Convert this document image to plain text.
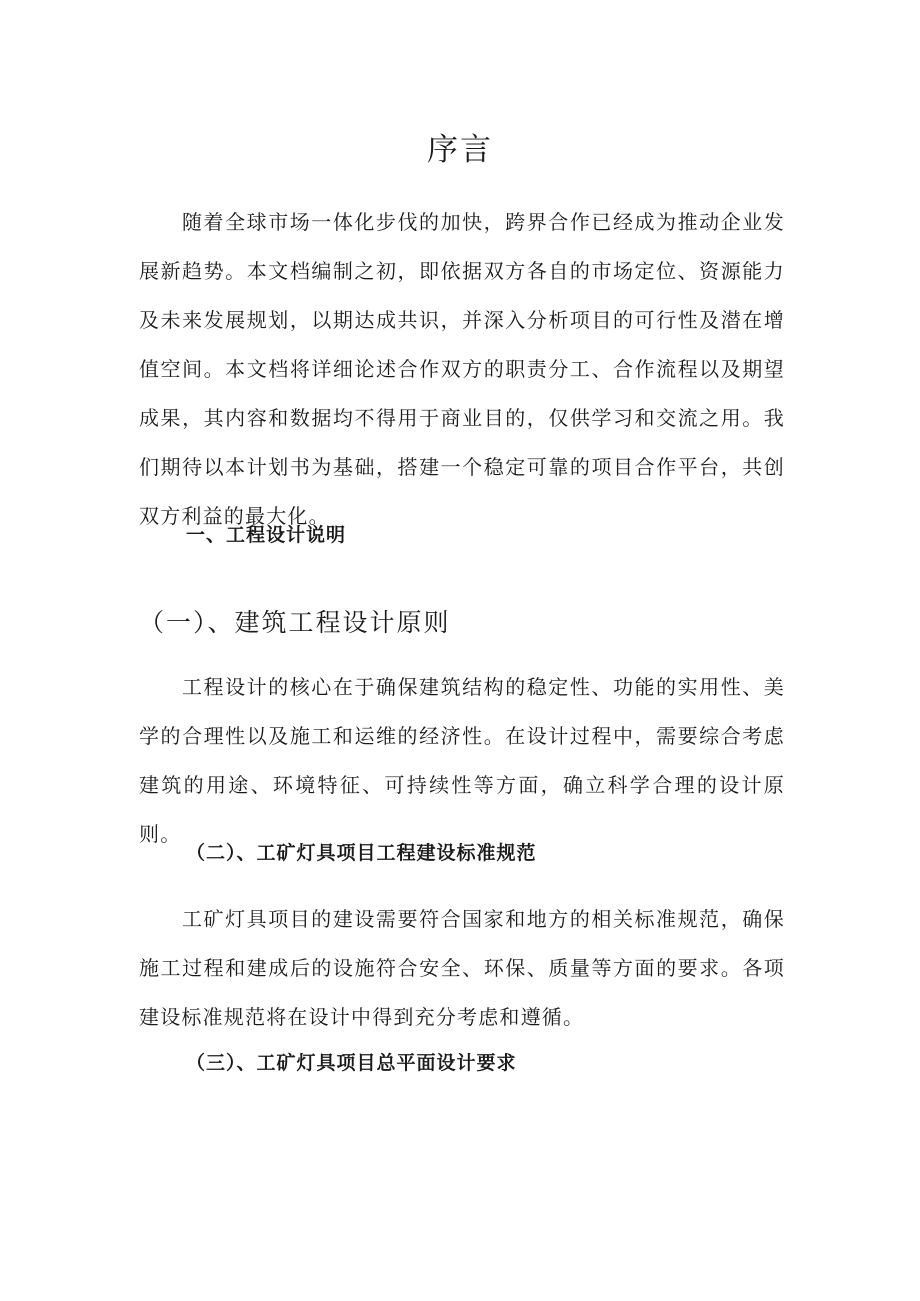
序言

随着全球市场一体化步伐的加快，跨界合作已经成为推动企业发展新趋势。本文档编制之初，即依据双方各自的市场定位、资源能力及未来发展规划，以期达成共识，并深入分析项目的可行性及潜在增值空间。本文档将详细论述合作双方的职责分工、合作流程以及期望成果，其内容和数据均不得用于商业目的，仅供学习和交流之用。我们期待以本计划书为基础，搭建一个稳定可靠的项目合作平台，共创双方利益的最大化。

一、工程设计说明
（一）、建筑工程设计原则

工程设计的核心在于确保建筑结构的稳定性、功能的实用性、美学的合理性以及施工和运维的经济性。在设计过程中，需要综合考虑建筑的用途、环境特征、可持续性等方面，确立科学合理的设计原则。

（二）、工矿灯具项目工程建设标准规范

工矿灯具项目的建设需要符合国家和地方的相关标准规范，确保施工过程和建成后的设施符合安全、环保、质量等方面的要求。各项建设标准规范将在设计中得到充分考虑和遵循。

（三）、工矿灯具项目总平面设计要求
